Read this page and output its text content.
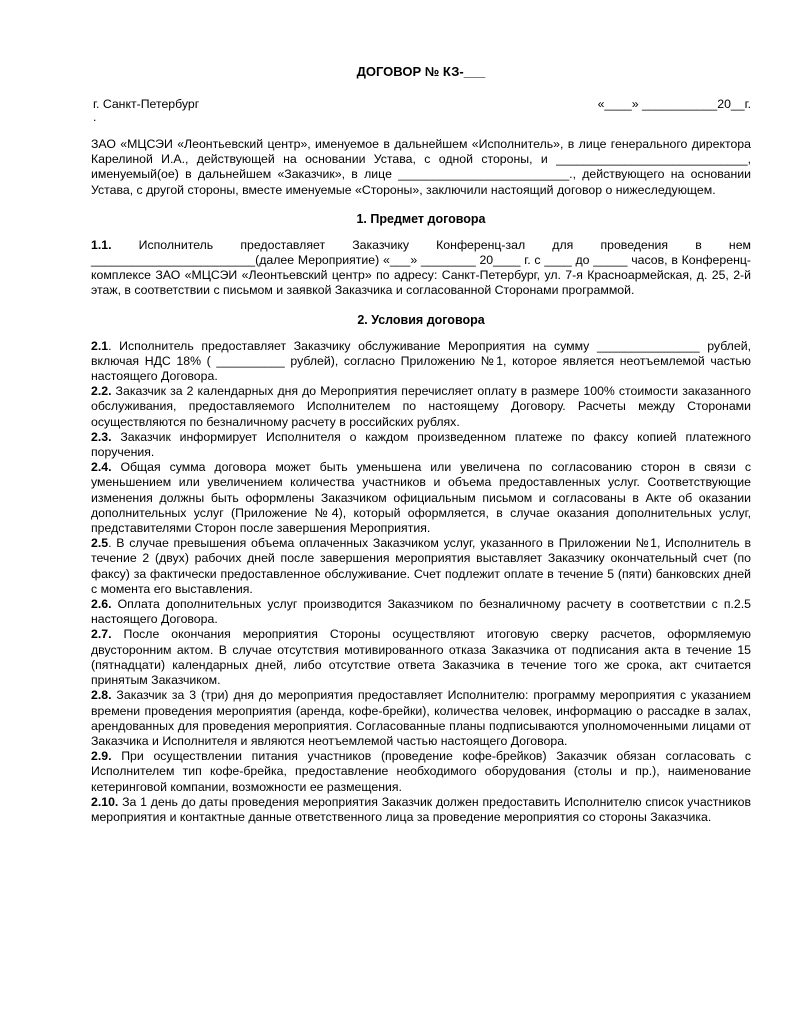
ДОГОВОР № КЗ-___
г. Санкт-Петербург	«____» ___________20__г.
.

ЗАО «МЦСЭИ «Леонтьевский центр», именуемое в дальнейшем «Исполнитель», в лице генерального директора Карелиной И.А., действующей на основании Устава, с одной стороны, и ____________________________, именуемый(ое) в дальнейшем «Заказчик», в лице _________________________., действующего на основании Устава, с другой стороны, вместе именуемые «Стороны», заключили настоящий договор о нижеследующем.

1. Предмет договора

1.1. Исполнитель предоставляет Заказчику Конференц-зал для проведения в нем ________________________(далее Мероприятие) «___» ________ 20____ г. с ____ до _____ часов, в Конференц-комплексе ЗАО «МЦСЭИ «Леонтьевский центр» по адресу: Санкт-Петербург, ул. 7-я Красноармейская, д. 25, 2-й этаж, в соответствии с письмом и заявкой Заказчика и согласованной Сторонами программой.

2. Условия договора

2.1. Исполнитель предоставляет Заказчику обслуживание Мероприятия на сумму _______________ рублей, включая НДС 18% ( __________ рублей), согласно Приложению №1, которое является неотъемлемой частью настоящего Договора.

2.2. Заказчик за 2 календарных дня до Мероприятия перечисляет оплату в размере 100% стоимости заказанного обслуживания, предоставляемого Исполнителем по настоящему Договору. Расчеты между Сторонами осуществляются по безналичному расчету в российских рублях.

2.3. Заказчик информирует Исполнителя о каждом произведенном платеже по факсу копией платежного поручения.

2.4. Общая сумма договора может быть уменьшена или увеличена по согласованию сторон в связи с уменьшением или увеличением количества участников и объема предоставленных услуг. Соответствующие изменения должны быть оформлены Заказчиком официальным письмом и согласованы в Акте об оказании дополнительных услуг (Приложение №4), который оформляется, в случае оказания дополнительных услуг, представителями Сторон после завершения Мероприятия.

2.5. В случае превышения объема оплаченных Заказчиком услуг, указанного в Приложении №1, Исполнитель в течение 2 (двух) рабочих дней после завершения мероприятия выставляет Заказчику окончательный счет (по факсу) за фактически предоставленное обслуживание. Счет подлежит оплате в течение 5 (пяти) банковских дней с момента его выставления.

2.6. Оплата дополнительных услуг производится Заказчиком по безналичному расчету в соответствии с п.2.5 настоящего Договора.

2.7. После окончания мероприятия Стороны осуществляют итоговую сверку расчетов, оформляемую двусторонним актом. В случае отсутствия мотивированного отказа Заказчика от подписания акта в течение 15 (пятнадцати) календарных дней, либо отсутствие ответа Заказчика в течение того же срока, акт считается принятым Заказчиком.

2.8. Заказчик за 3 (три) дня до мероприятия предоставляет Исполнителю: программу мероприятия с указанием времени проведения мероприятия (аренда, кофе-брейки), количества человек, информацию о рассадке в залах, арендованных для проведения мероприятия. Согласованные планы подписываются уполномоченными лицами от Заказчика и Исполнителя и являются неотъемлемой частью настоящего Договора.

2.9. При осуществлении питания участников (проведение кофе-брейков) Заказчик обязан согласовать с Исполнителем тип кофе-брейка, предоставление необходимого оборудования (столы и пр.), наименование кетеринговой компании, возможности ее размещения.

2.10. За 1 день до даты проведения мероприятия Заказчик должен предоставить Исполнителю список участников мероприятия и контактные данные ответственного лица за проведение мероприятия со стороны Заказчика.
